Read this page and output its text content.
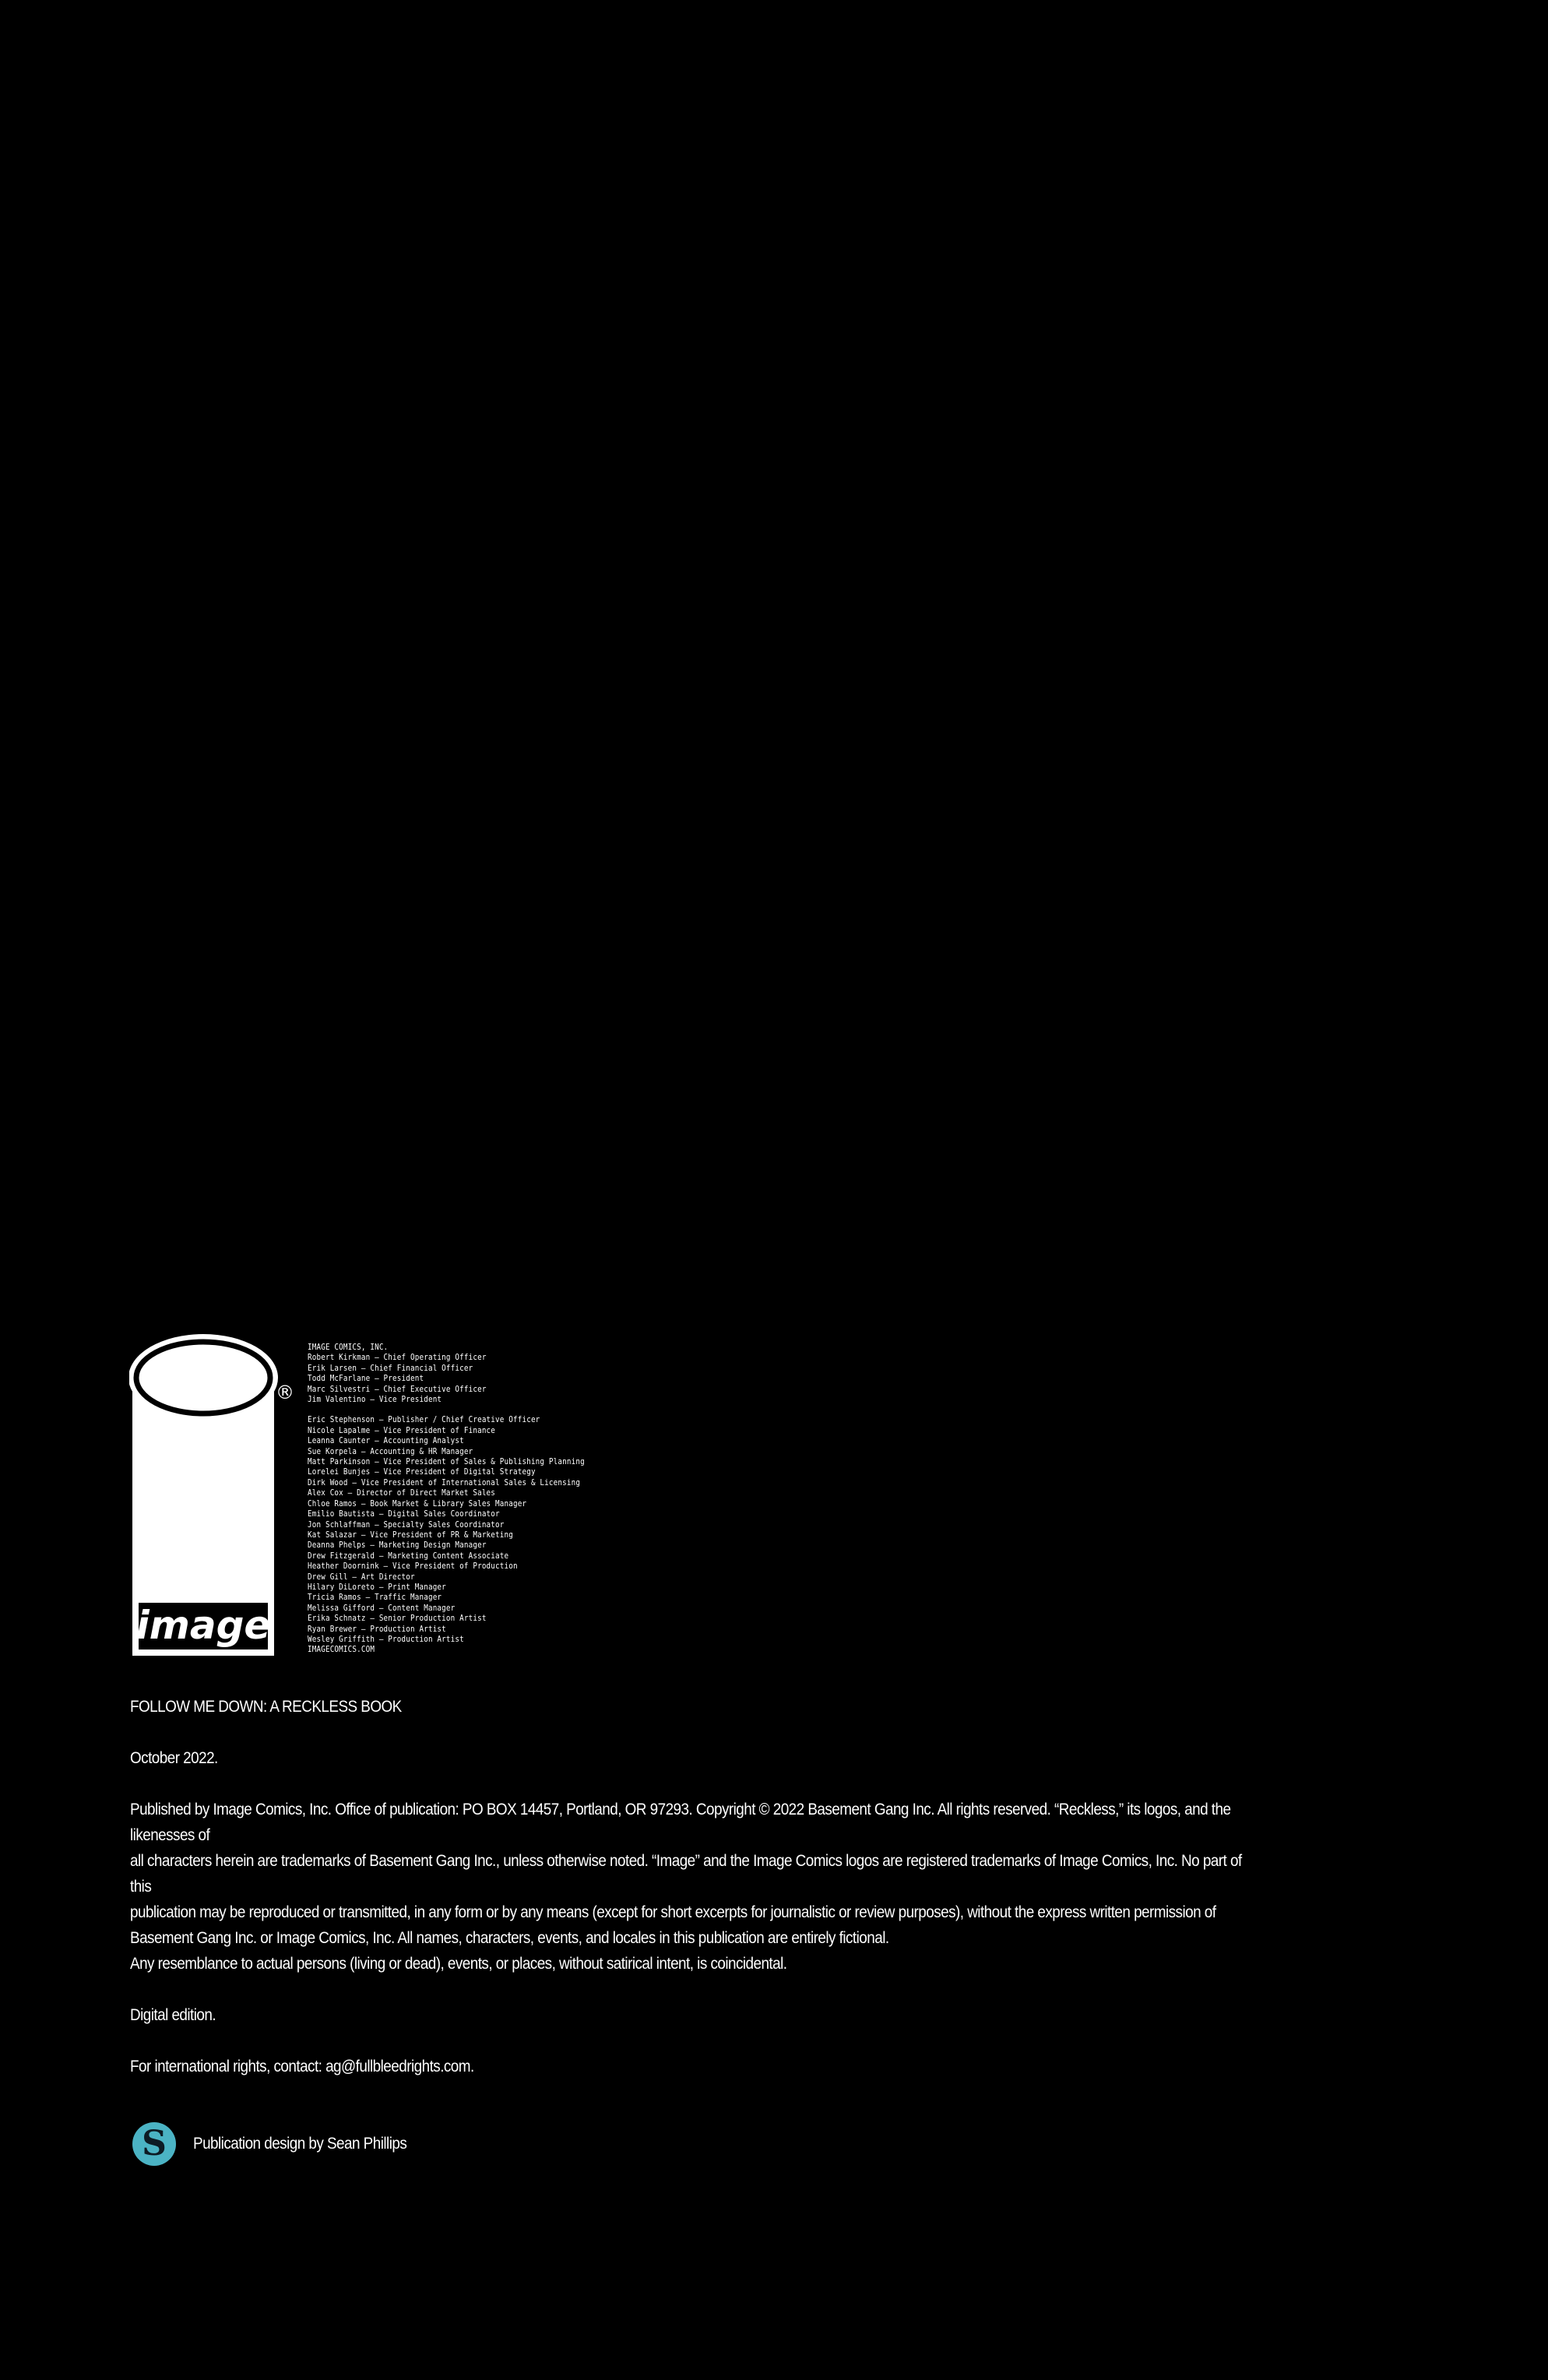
image
®
IMAGE COMICS, INC.
Robert Kirkman — Chief Operating Officer
Erik Larsen — Chief Financial Officer
Todd McFarlane — President
Marc Silvestri — Chief Executive Officer
Jim Valentino — Vice President
Eric Stephenson — Publisher / Chief Creative Officer
Nicole Lapalme — Vice President of Finance
Leanna Caunter — Accounting Analyst
Sue Korpela — Accounting & HR Manager
Matt Parkinson — Vice President of Sales & Publishing Planning
Lorelei Bunjes — Vice President of Digital Strategy
Dirk Wood — Vice President of International Sales & Licensing
Alex Cox — Director of Direct Market Sales
Chloe Ramos — Book Market & Library Sales Manager
Emilio Bautista — Digital Sales Coordinator
Jon Schlaffman — Specialty Sales Coordinator
Kat Salazar — Vice President of PR & Marketing
Deanna Phelps — Marketing Design Manager
Drew Fitzgerald — Marketing Content Associate
Heather Doornink — Vice President of Production
Drew Gill — Art Director
Hilary DiLoreto — Print Manager
Tricia Ramos — Traffic Manager
Melissa Gifford — Content Manager
Erika Schnatz — Senior Production Artist
Ryan Brewer — Production Artist
Wesley Griffith — Production Artist
IMAGECOMICS.COM

FOLLOW ME DOWN: A RECKLESS BOOK

October 2022.

Published by Image Comics, Inc. Office of publication: PO BOX 14457, Portland, OR 97293. Copyright © 2022 Basement Gang Inc. All rights reserved. “Reckless,” its logos, and the likenesses of
all characters herein are trademarks of Basement Gang Inc., unless otherwise noted. “Image” and the Image Comics logos are registered trademarks of Image Comics, Inc. No part of this
publication may be reproduced or transmitted, in any form or by any means (except for short excerpts for journalistic or review purposes), without the express written permission of
Basement Gang Inc. or Image Comics, Inc. All names, characters, events, and locales in this publication are entirely fictional.
Any resemblance to actual persons (living or dead), events, or places, without satirical intent, is coincidental.

Digital edition.

For international rights, contact: ag@fullbleedrights.com.

S	Publication design by Sean Phillips
